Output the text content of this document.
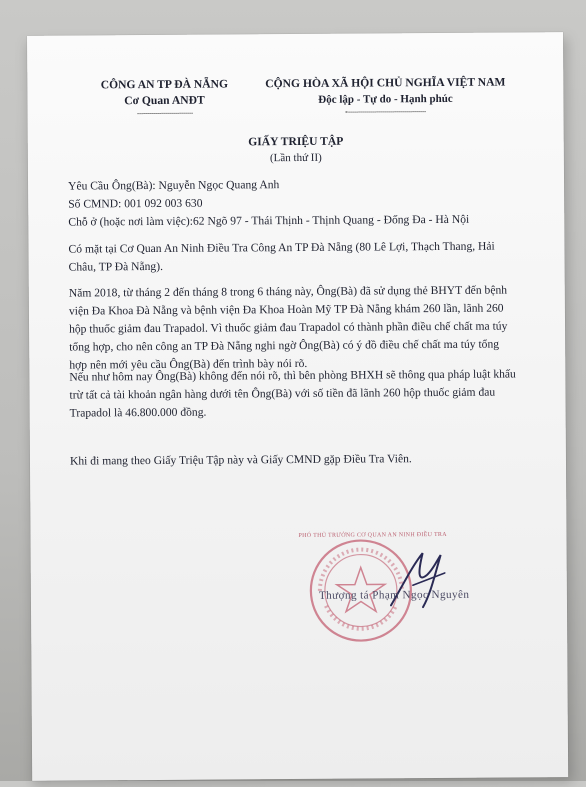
CÔNG AN TP ĐÀ NẴNG
Cơ Quan ANĐT
CỘNG HÒA XÃ HỘI CHỦ NGHĨA VIỆT NAM
Độc lập - Tự do - Hạnh phúc
GIẤY TRIỆU TẬP
(Lần thứ II)
Yêu Cầu Ông(Bà): Nguyễn Ngọc Quang Anh
Số CMND: 001 092 003 630
Chỗ ở (hoặc nơi làm việc):62 Ngõ 97 - Thái Thịnh - Thịnh Quang - Đống Đa - Hà Nội

Có mặt tại Cơ Quan An Ninh Điều Tra Công An TP Đà Nẵng (80 Lê Lợi, Thạch Thang, Hải Châu, TP Đà Nẵng).

Năm 2018, từ tháng 2 đến tháng 8 trong 6 tháng này, Ông(Bà) đã sử dụng thẻ BHYT đến bệnh viện Đa Khoa Đà Nẵng và bệnh viện Đa Khoa Hoàn Mỹ TP Đà Nẵng khám 260 lần, lãnh 260 hộp thuốc giảm đau Trapadol. Vì thuốc giảm đau Trapadol có thành phần điều chế chất ma túy tổng hợp, cho nên công an TP Đà Nẵng nghi ngờ Ông(Bà) có ý đồ điều chế chất ma túy tổng hợp nên mới yêu cầu Ông(Bà) đến trình bày nói rõ.

Nếu như hôm nay Ông(Bà) không đến nói rõ, thì bên phòng BHXH sẽ thông qua pháp luật khấu trừ tất cả tài khoản ngân hàng dưới tên Ông(Bà) với số tiền đã lãnh 260 hộp thuốc giảm đau Trapadol là 46.800.000 đồng.

Khi đi mang theo Giấy Triệu Tập này và Giấy CMND gặp Điều Tra Viên.

PHÓ THỦ TRƯỞNG CƠ QUAN AN NINH ĐIỀU TRA
Thượng tá Phạm Ngọc Nguyên
